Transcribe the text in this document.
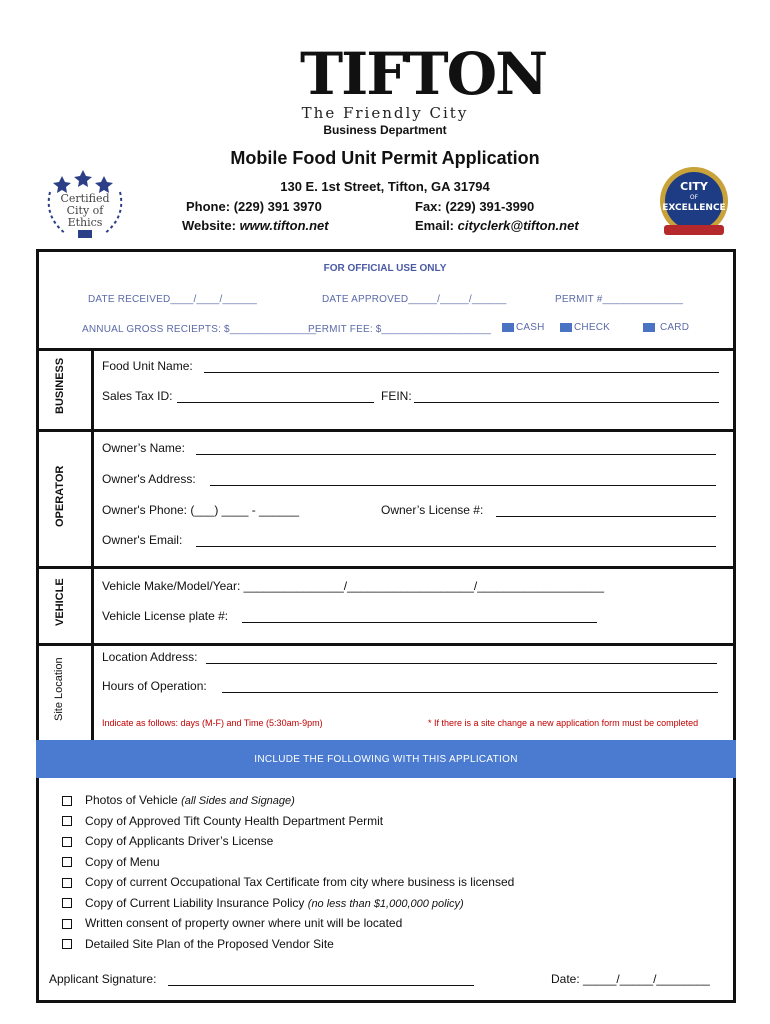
TIFTON
The Friendly City
Business Department
Mobile Food Unit Permit Application
130 E. 1st Street, Tifton, GA 31794
Phone: (229) 391 3970	Fax: (229) 391-3990
Website: www.tifton.net	Email: cityclerk@tifton.net
Certified
City of
Ethics
CITY
OF
EXCELLENCE
FOR OFFICIAL USE ONLY
DATE RECEIVED____/____/______	DATE APPROVED_____/_____/______	PERMIT #______________
ANNUAL GROSS RECIEPTS: $_______________
PERMIT FEE: $___________________	CASH	CHECK	CARD
BUSINESS	Food Unit Name:
Sales Tax ID:	FEIN:
OPERATOR
Owner’s Name:
Owner's Address:
Owner's Phone: (___) ____ - ______	Owner’s License #:
Owner's Email:
VEHICLE	Vehicle Make/Model/Year: _______________/___________________/___________________
Vehicle License plate #:
Site Location
Location Address:
Hours of Operation:
Indicate as follows: days (M-F) and Time (5:30am-9pm)	* If there is a site change a new application form must be completed
INCLUDE THE FOLLOWING WITH THIS APPLICATION
Photos of Vehicle (all Sides and Signage)
Copy of Approved Tift County Health Department Permit
Copy of Applicants Driver’s License
Copy of Menu
Copy of current Occupational Tax Certificate from city where business is licensed
Copy of Current Liability Insurance Policy (no less than $1,000,000 policy)
Written consent of property owner where unit will be located
Detailed Site Plan of the Proposed Vendor Site
Applicant Signature:	Date: _____/_____/________
